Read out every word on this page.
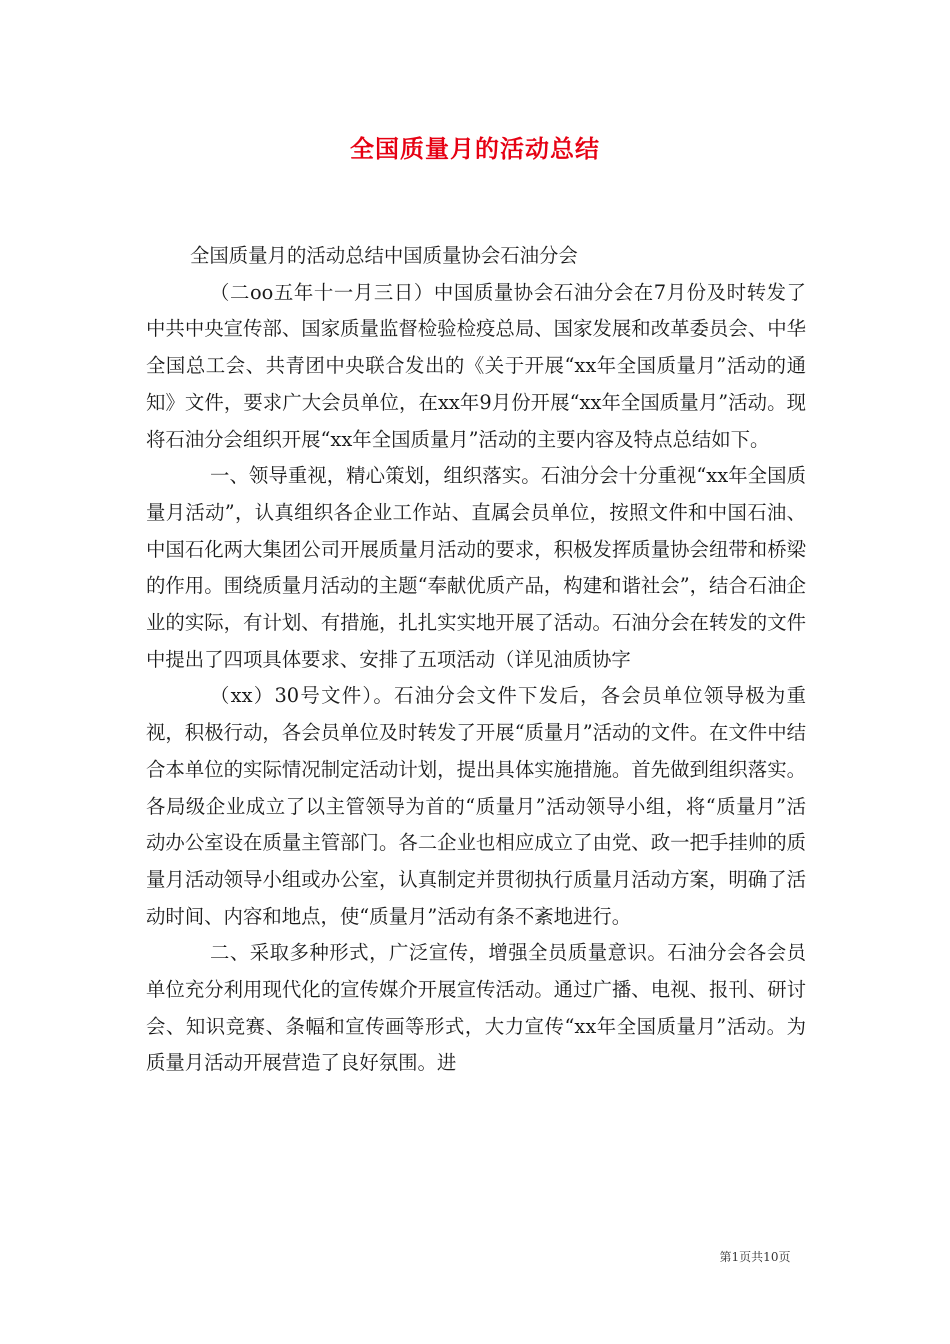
全国质量月的活动总结

全国质量月的活动总结中国质量协会石油分会

（二oo五年十一月三日）中国质量协会石油分会在7月份及时转发了中共中央宣传部、国家质量监督检验检疫总局、国家发展和改革委员会、中华全国总工会、共青团中央联合发出的《关于开展“xx年全国质量月”活动的通知》文件，要求广大会员单位，在xx年9月份开展“xx年全国质量月”活动。现将石油分会组织开展“xx年全国质量月”活动的主要内容及特点总结如下。

一、领导重视，精心策划，组织落实。石油分会十分重视“xx年全国质量月活动”，认真组织各企业工作站、直属会员单位，按照文件和中国石油、中国石化两大集团公司开展质量月活动的要求，积极发挥质量协会纽带和桥梁的作用。围绕质量月活动的主题“奉献优质产品，构建和谐社会”，结合石油企业的实际，有计划、有措施，扎扎实实地开展了活动。石油分会在转发的文件中提出了四项具体要求、安排了五项活动（详见油质协字

（xx）30号文件）。石油分会文件下发后，各会员单位领导极为重视，积极行动，各会员单位及时转发了开展“质量月”活动的文件。在文件中结合本单位的实际情况制定活动计划，提出具体实施措施。首先做到组织落实。各局级企业成立了以主管领导为首的“质量月”活动领导小组，将“质量月”活动办公室设在质量主管部门。各二企业也相应成立了由党、政一把手挂帅的质量月活动领导小组或办公室，认真制定并贯彻执行质量月活动方案，明确了活动时间、内容和地点，使“质量月”活动有条不紊地进行。

二、采取多种形式，广泛宣传，增强全员质量意识。石油分会各会员单位充分利用现代化的宣传媒介开展宣传活动。通过广播、电视、报刊、研讨会、知识竞赛、条幅和宣传画等形式，大力宣传“xx年全国质量月”活动。为质量月活动开展营造了良好氛围。进

第1页共10页
